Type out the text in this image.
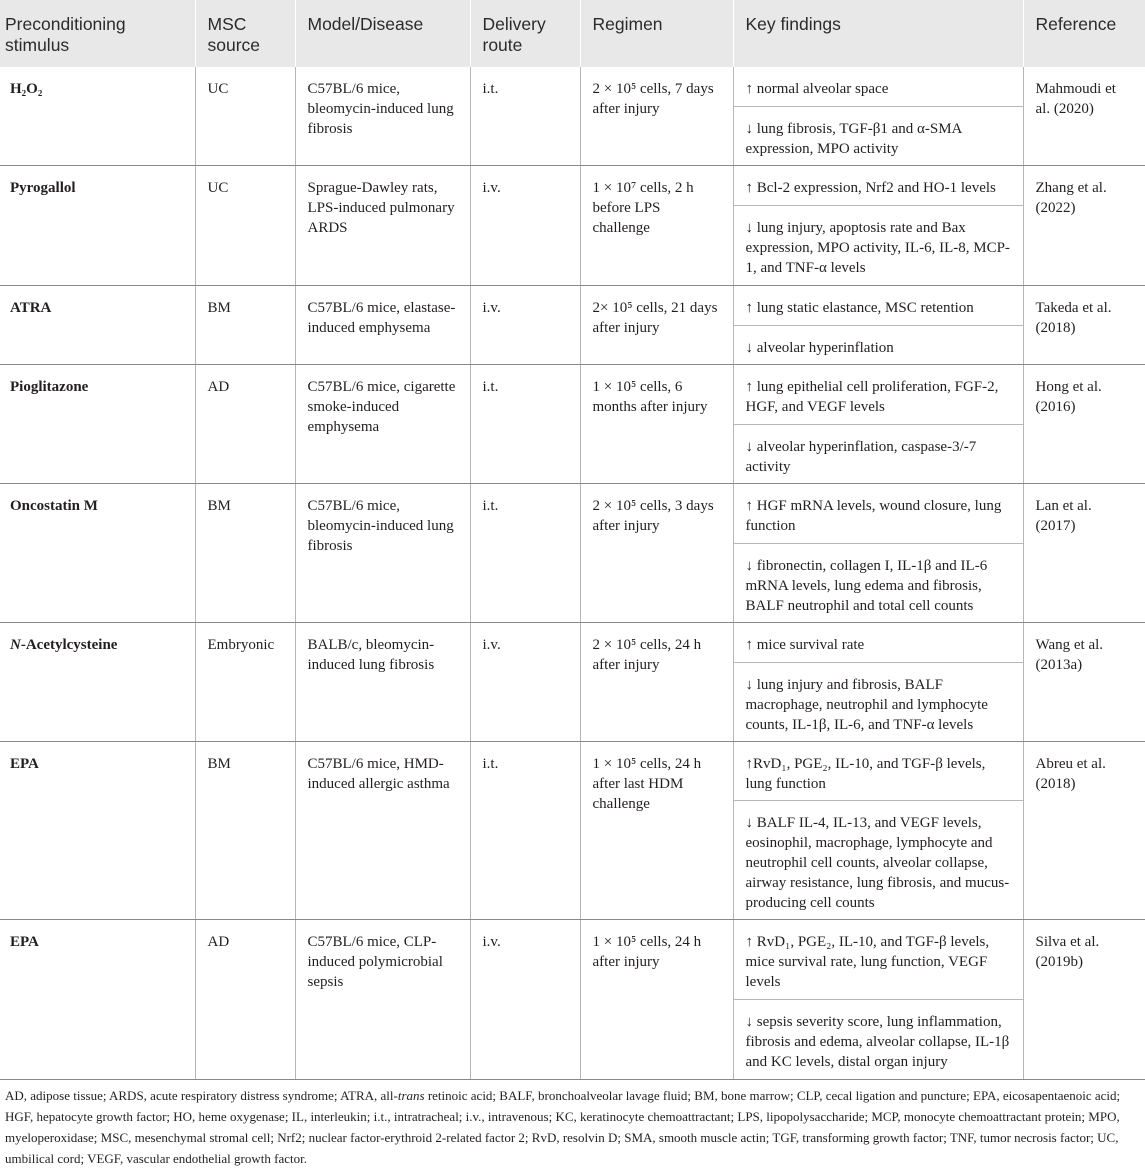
Preconditioning stimulus	MSC source	Model/Disease	Delivery route	Regimen	Key findings	Reference
H₂O₂	UC	C57BL/6 mice, bleomycin-induced lung fibrosis	i.t.	2 × 10⁵ cells, 7 days after injury	↑ normal alveolar space
↓ lung fibrosis, TGF-β1 and α-SMA expression, MPO activity	Mahmoudi et al. (2020)
Pyrogallol	UC	Sprague-Dawley rats, LPS-induced pulmonary ARDS	i.v.	1 × 10⁷ cells, 2 h before LPS challenge	↑ Bcl-2 expression, Nrf2 and HO-1 levels
↓ lung injury, apoptosis rate and Bax expression, MPO activity, IL-6, IL-8, MCP-1, and TNF-α levels	Zhang et al. (2022)
ATRA	BM	C57BL/6 mice, elastase-induced emphysema	i.v.	2× 10⁵ cells, 21 days after injury	↑ lung static elastance, MSC retention
↓ alveolar hyperinflation	Takeda et al. (2018)
Pioglitazone	AD	C57BL/6 mice, cigarette smoke-induced emphysema	i.t.	1 × 10⁵ cells, 6 months after injury	↑ lung epithelial cell proliferation, FGF-2, HGF, and VEGF levels
↓ alveolar hyperinflation, caspase-3/-7 activity	Hong et al. (2016)
Oncostatin M	BM	C57BL/6 mice, bleomycin-induced lung fibrosis	i.t.	2 × 10⁵ cells, 3 days after injury	↑ HGF mRNA levels, wound closure, lung function
↓ fibronectin, collagen I, IL-1β and IL-6 mRNA levels, lung edema and fibrosis, BALF neutrophil and total cell counts	Lan et al. (2017)
N-Acetylcysteine	Embryonic	BALB/c, bleomycin-induced lung fibrosis	i.v.	2 × 10⁵ cells, 24 h after injury	↑ mice survival rate
↓ lung injury and fibrosis, BALF macrophage, neutrophil and lymphocyte counts, IL-1β, IL-6, and TNF-α levels	Wang et al. (2013a)
EPA	BM	C57BL/6 mice, HMD-induced allergic asthma	i.t.	1 × 10⁵ cells, 24 h after last HDM challenge	↑RvD₁, PGE₂, IL-10, and TGF-β levels, lung function
↓ BALF IL-4, IL-13, and VEGF levels, eosinophil, macrophage, lymphocyte and neutrophil cell counts, alveolar collapse, airway resistance, lung fibrosis, and mucus-producing cell counts	Abreu et al. (2018)
EPA	AD	C57BL/6 mice, CLP-induced polymicrobial sepsis	i.v.	1 × 10⁵ cells, 24 h after injury	↑ RvD₁, PGE₂, IL-10, and TGF-β levels, mice survival rate, lung function, VEGF levels
↓ sepsis severity score, lung inflammation, fibrosis and edema, alveolar collapse, IL-1β and KC levels, distal organ injury	Silva et al. (2019b)
AD, adipose tissue; ARDS, acute respiratory distress syndrome; ATRA, all-trans retinoic acid; BALF, bronchoalveolar lavage fluid; BM, bone marrow; CLP, cecal ligation and puncture; EPA, eicosapentaenoic acid; HGF, hepatocyte growth factor; HO, heme oxygenase; IL, interleukin; i.t., intratracheal; i.v., intravenous; KC, keratinocyte chemoattractant; LPS, lipopolysaccharide; MCP, monocyte chemoattractant protein; MPO, myeloperoxidase; MSC, mesenchymal stromal cell; Nrf2; nuclear factor-erythroid 2-related factor 2; RvD, resolvin D; SMA, smooth muscle actin; TGF, transforming growth factor; TNF, tumor necrosis factor; UC, umbilical cord; VEGF, vascular endothelial growth factor.
